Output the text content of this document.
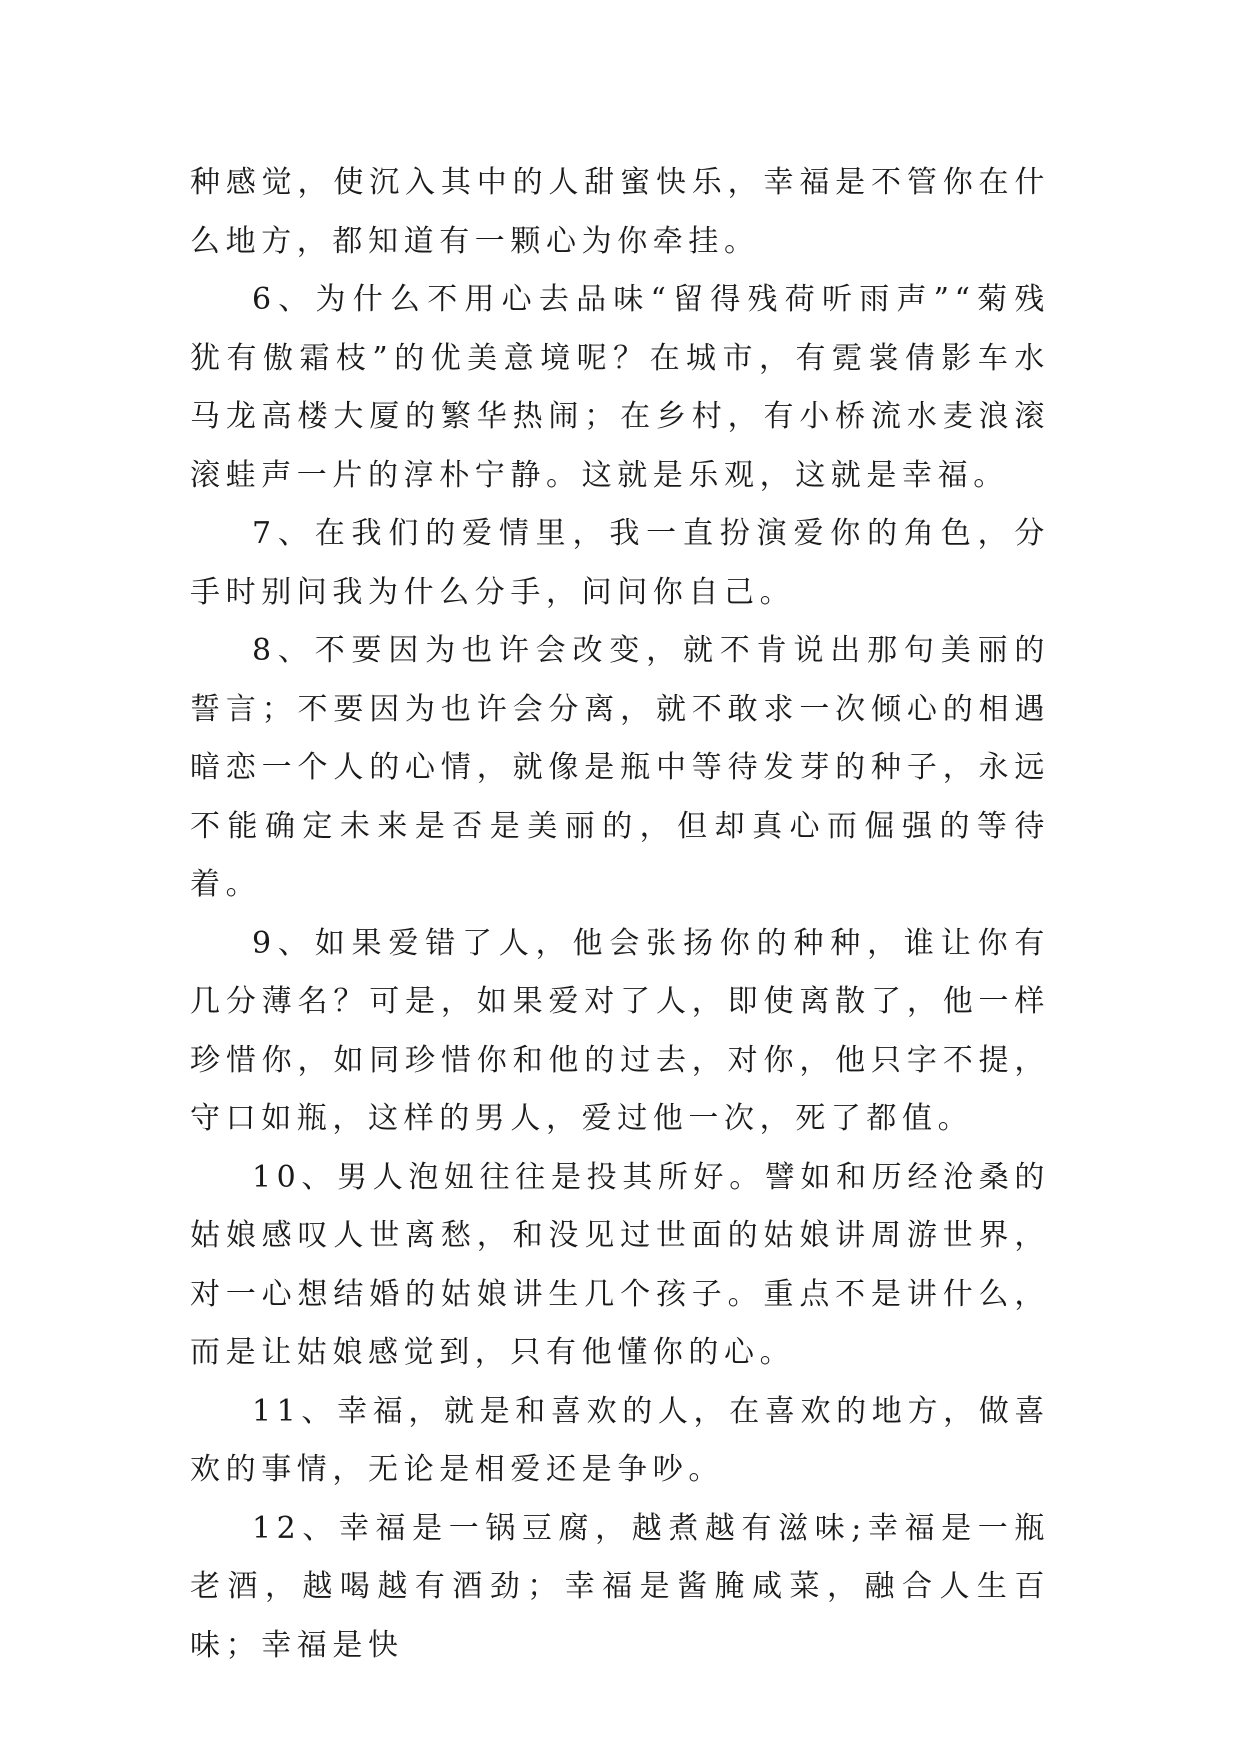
种感觉，使沉入其中的人甜蜜快乐，幸福是不管你在什么地方，都知道有一颗心为你牵挂。

6、为什么不用心去品味“留得残荷听雨声”“菊残犹有傲霜枝”的优美意境呢？在城市，有霓裳倩影车水马龙高楼大厦的繁华热闹；在乡村，有小桥流水麦浪滚滚蛙声一片的淳朴宁静。这就是乐观，这就是幸福。

7、在我们的爱情里，我一直扮演爱你的角色，分手时别问我为什么分手，问问你自己。

8、不要因为也许会改变，就不肯说出那句美丽的誓言；不要因为也许会分离，就不敢求一次倾心的相遇暗恋一个人的心情，就像是瓶中等待发芽的种子，永远不能确定未来是否是美丽的，但却真心而倔强的等待着。

9、如果爱错了人，他会张扬你的种种，谁让你有几分薄名？可是，如果爱对了人，即使离散了，他一样珍惜你，如同珍惜你和他的过去，对你，他只字不提，守口如瓶，这样的男人，爱过他一次，死了都值。

10、男人泡妞往往是投其所好。譬如和历经沧桑的姑娘感叹人世离愁，和没见过世面的姑娘讲周游世界，对一心想结婚的姑娘讲生几个孩子。重点不是讲什么，而是让姑娘感觉到，只有他懂你的心。

11、幸福，就是和喜欢的人，在喜欢的地方，做喜欢的事情，无论是相爱还是争吵。

12、幸福是一锅豆腐，越煮越有滋味;幸福是一瓶老酒，越喝越有酒劲；幸福是酱腌咸菜，融合人生百味；幸福是快
